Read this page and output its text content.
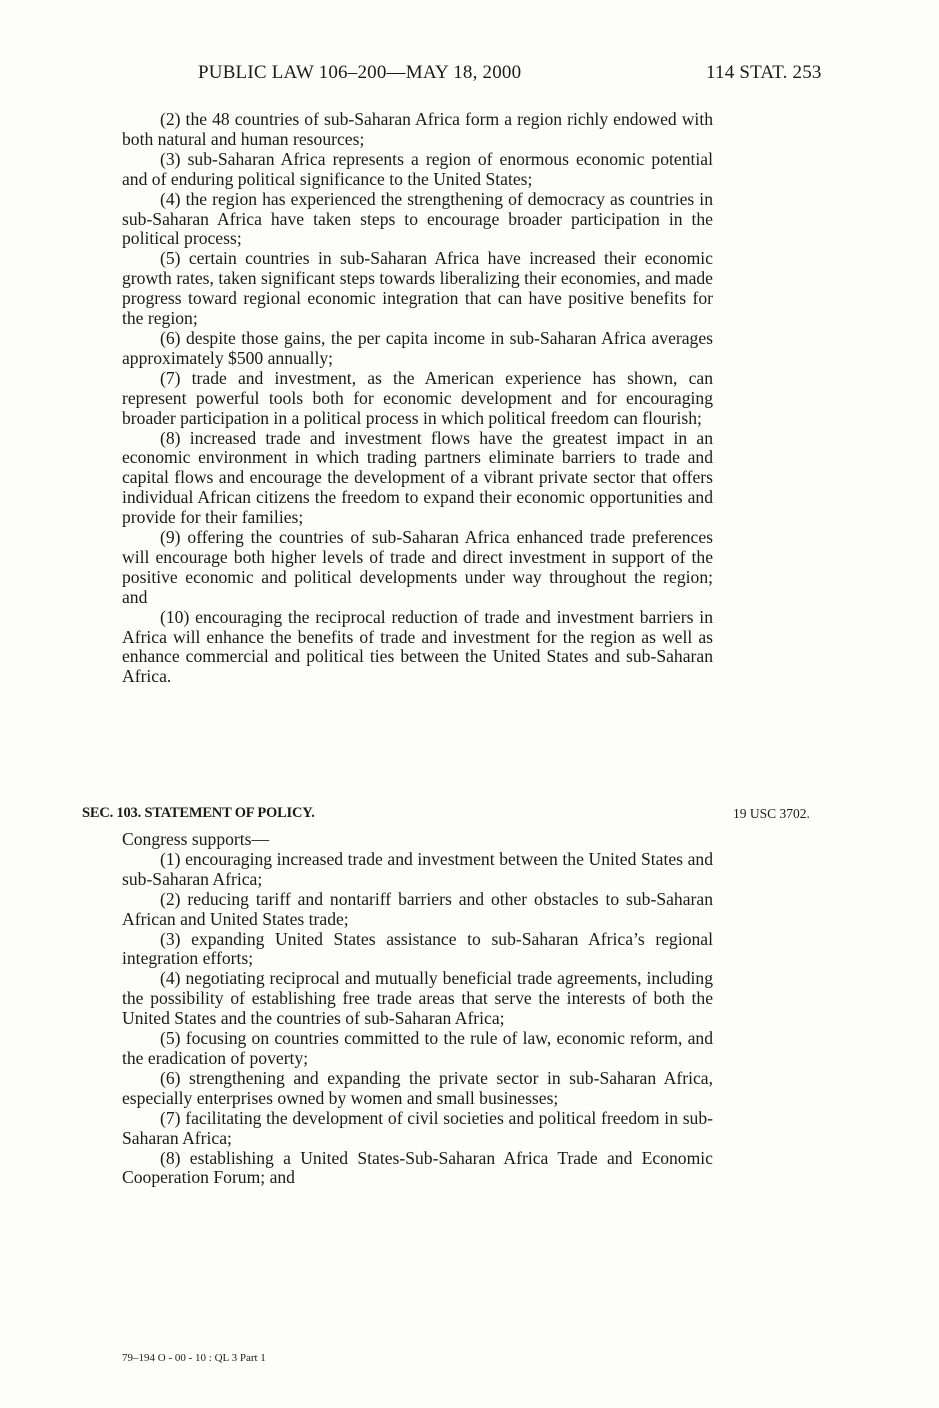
PUBLIC LAW 106–200—MAY 18, 2000	114 STAT. 253

(2) the 48 countries of sub-Saharan Africa form a region richly endowed with both natural and human resources;

(3) sub-Saharan Africa represents a region of enormous economic potential and of enduring political significance to the United States;

(4) the region has experienced the strengthening of democracy as countries in sub-Saharan Africa have taken steps to encourage broader participation in the political process;

(5) certain countries in sub-Saharan Africa have increased their economic growth rates, taken significant steps towards liberalizing their economies, and made progress toward regional economic integration that can have positive benefits for the region;

(6) despite those gains, the per capita income in sub-Saharan Africa averages approximately $500 annually;

(7) trade and investment, as the American experience has shown, can represent powerful tools both for economic development and for encouraging broader participation in a political process in which political freedom can flourish;

(8) increased trade and investment flows have the greatest impact in an economic environment in which trading partners eliminate barriers to trade and capital flows and encourage the development of a vibrant private sector that offers individual African citizens the freedom to expand their economic opportunities and provide for their families;

(9) offering the countries of sub-Saharan Africa enhanced trade preferences will encourage both higher levels of trade and direct investment in support of the positive economic and political developments under way throughout the region; and

(10) encouraging the reciprocal reduction of trade and investment barriers in Africa will enhance the benefits of trade and investment for the region as well as enhance commercial and political ties between the United States and sub-Saharan Africa.

SEC. 103. STATEMENT OF POLICY.	19 USC 3702.

Congress supports—

(1) encouraging increased trade and investment between the United States and sub-Saharan Africa;

(2) reducing tariff and nontariff barriers and other obstacles to sub-Saharan African and United States trade;

(3) expanding United States assistance to sub-Saharan Africa’s regional integration efforts;

(4) negotiating reciprocal and mutually beneficial trade agreements, including the possibility of establishing free trade areas that serve the interests of both the United States and the countries of sub-Saharan Africa;

(5) focusing on countries committed to the rule of law, economic reform, and the eradication of poverty;

(6) strengthening and expanding the private sector in sub-Saharan Africa, especially enterprises owned by women and small businesses;

(7) facilitating the development of civil societies and political freedom in sub-Saharan Africa;

(8) establishing a United States-Sub-Saharan Africa Trade and Economic Cooperation Forum; and

79–194 O - 00 - 10 : QL 3 Part 1
